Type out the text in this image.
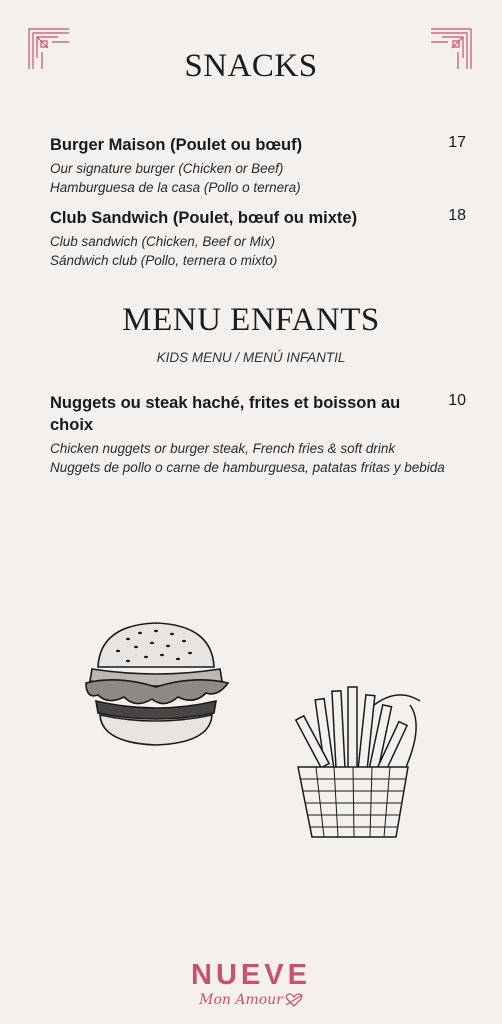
SNACKS
Burger Maison (Poulet ou bœuf)	17
Our signature burger (Chicken or Beef)
Hamburguesa de la casa (Pollo o ternera)
Club Sandwich (Poulet, bœuf ou mixte)	18
Club sandwich (Chicken, Beef or Mix)
Sándwich club (Pollo, ternera o mixto)
MENU ENFANTS
KIDS MENU / MENÚ INFANTIL
Nuggets ou steak haché, frites et boisson au choix
10
Chicken nuggets or burger steak, French fries & soft drink
Nuggets de pollo o carne de hamburguesa, patatas fritas y bebida
NUEVE
Mon Amour
